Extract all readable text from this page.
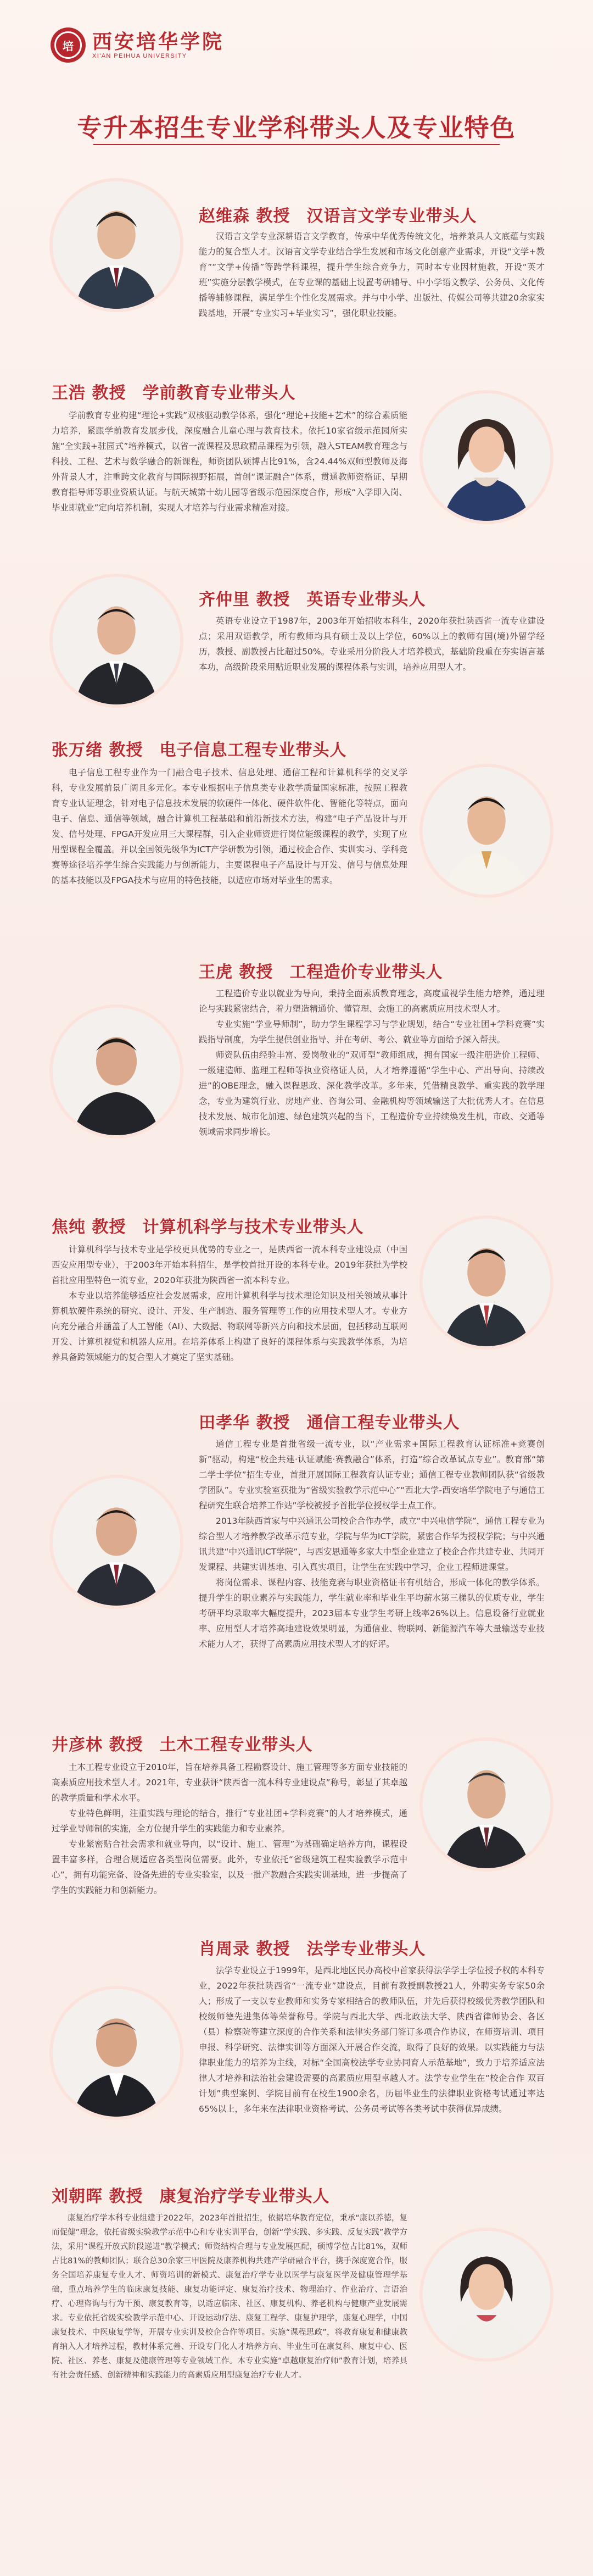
培 西安培华学院
XI'AN PEIHUA UNIVERSITY
专升本招生专业学科带头人及专业特色
赵维森 教授 汉语言文学专业带头人

汉语言文学专业深耕语言文学教育，传承中华优秀传统文化，培养兼具人文底蕴与实践能力的复合型人才。汉语言文学专业结合学生发展和市场文化创意产业需求，开设“文学+教育”“文学+传播”等跨学科课程，提升学生综合竞争力，同时本专业因材施教，开设“英才班”实施分层教学模式，在专业课的基础上设置考研辅导、中小学语文教学、公务员、文化传播等辅修课程，满足学生个性化发展需求。并与中小学、出版社、传媒公司等共建20余家实践基地，开展“专业实习+毕业实习”，强化职业技能。

王浩 教授 学前教育专业带头人

学前教育专业构建“理论+实践”双核驱动教学体系，强化“理论+技能+艺术”的综合素质能力培养，紧跟学前教育发展步伐，深度融合儿童心理与教育技术。依托10家省级示范园所实施“全实践+驻园式”培养模式，以省一流课程及思政精品课程为引领，融入STEAM教育理念与科技、工程、艺术与数学融合的新课程，师资团队硕博占比91%，含24.44%双师型教师及海外背景人才，注重跨文化教育与国际视野拓展，首创“课证融合”体系，贯通教师资格证、早期教育指导师等职业资质认证。与航天城第十幼儿园等省级示范园深度合作，形成“入学即入岗、毕业即就业”定向培养机制，实现人才培养与行业需求精准对接。

齐仲里 教授 英语专业带头人

英语专业设立于1987年，2003年开始招收本科生，2020年获批陕西省一流专业建设点；采用双语教学，所有教师均具有硕士及以上学位，60%以上的教师有国(境)外留学经历，教授、副教授占比超过50%。专业采用分阶段人才培养模式，基础阶段重在夯实语言基本功，高级阶段采用贴近职业发展的课程体系与实训，培养应用型人才。

张万绪 教授 电子信息工程专业带头人

电子信息工程专业作为一门融合电子技术、信息处理、通信工程和计算机科学的交叉学科，专业发展前景广阔且多元化。本专业根据电子信息类专业教学质量国家标准，按照工程教育专业认证理念，针对电子信息技术发展的软硬件一体化、硬件软件化、智能化等特点，面向电子、信息、通信等领域，融合计算机工程基础和前沿新技术方法，构建“电子产品设计与开发、信号处理、FPGA开发应用三大课程群，引入企业师资进行岗位能级课程的教学，实现了应用型课程全覆盖。并以全国领先级华为ICT产学研教为引领，通过校企合作、实训实习、学科竞赛等途径培养学生综合实践能力与创新能力，主要课程电子产品设计与开发、信号与信息处理的基本技能以及FPGA技术与应用的特色技能，以适应市场对毕业生的需求。

王虎 教授 工程造价专业带头人

工程造价专业以就业为导向，秉持全面素质教育理念，高度重视学生能力培养，通过理论与实践紧密结合，着力塑造精通价、懂管理、会施工的高素质应用技术型人才。

专业实施“学业导师制”，助力学生课程学习与学业规划，结合“专业社团+学科竞赛”实践指导制度，为学生提供创业指导、并在考研、考公、就业等方面给予深入帮扶。

师资队伍由经验丰富、爱岗敬业的“双师型”教师组成，拥有国家一级注册造价工程师、一级建造师、监理工程师等执业资格证人员，人才培养遵循“学生中心、产出导向、持续改进”的OBE理念，融入课程思政、深化教学改革。多年来，凭借精良教学、重实践的教学理念，专业为建筑行业、房地产业、咨询公司、金融机构等领域输送了大批优秀人才。在信息技术发展、城市化加速、绿色建筑兴起的当下，工程造价专业持续焕发生机，市政、交通等领域需求同步增长。

焦纯 教授 计算机科学与技术专业带头人

计算机科学与技术专业是学校更具优势的专业之一，是陕西省一流本科专业建设点（中国西安应用型专业），于2003年开始本科招生，是学校首批开设的本科专业。2019年获批为学校首批应用型特色一流专业，2020年获批为陕西省一流本科专业。

本专业以培养能够适应社会发展需求，应用计算机科学与技术理论知识及相关领域从事计算机软硬件系统的研究、设计、开发、生产制造、服务管理等工作的应用技术型人才。专业方向充分融合并涵盖了人工智能（AI）、大数据、物联网等新兴方向和技术层面，包括移动互联网开发、计算机视觉和机器人应用。在培养体系上构建了良好的课程体系与实践教学体系，为培养具备跨领域能力的复合型人才奠定了坚实基础。

田孝华 教授 通信工程专业带头人

通信工程专业是首批省级一流专业，以“产业需求+国际工程教育认证标准+竞赛创新”驱动，构建“校企共建·认证赋能·赛教融合”体系，打造“综合改革试点专业”。教育部“第二学士学位”招生专业，首批开展国际工程教育认证专业；通信工程专业教师团队获“省级教学团队”。专业实验室获批为“省级实验教学示范中心”“西北大学-西安培华学院电子与通信工程研究生联合培养工作站”学校被授予首批学位授权学士点工作。

2013年陕西首家与中兴通讯公司校企合作办学，成立“中兴电信学院”，通信工程专业为综合型人才培养教学改革示范专业，学院与华为ICT学院，紧密合作华为授权学院；与中兴通讯共建“中兴通讯ICT学院”，与西安思通等多家大中型企业建立了校企合作共建专业、共同开发课程、共建实训基地、引入真实项目，让学生在实践中学习，企业工程师进课堂。

将岗位需求、课程内容、技能竞赛与职业资格证书有机结合，形成一体化的教学体系。提升学生的职业素养与实践能力，学生就业率和毕业生平均薪水第三梯队的优质专业，学生考研平均录取率大幅度提升，2023届本专业学生考研上线率26%以上。信息设备行业就业率、应用型人才培养高地建设效果明显，为通信业、物联网、新能源汽车等大量输送专业技术能力人才，获得了高素质应用技术型人才的好评。

井彦林 教授 土木工程专业带头人

土木工程专业设立于2010年，旨在培养具备工程勘察设计、施工管理等多方面专业技能的高素质应用技术型人才。2021年，专业获评“陕西省一流本科专业建设点”称号，彰显了其卓越的教学质量和学术水平。

专业特色鲜明，注重实践与理论的结合，推行“专业社团+学科竞赛”的人才培养模式，通过学业导师制的实施，全方位提升学生的实践能力和专业素养。

专业紧密贴合社会需求和就业导向，以“设计、施工、管理”为基础确定培养方向，课程设置丰富多样，合理合规适应各类型岗位需要。此外，专业依托“省级建筑工程实验教学示范中心”，拥有功能完备、设备先进的专业实验室，以及一批产教融合实践实训基地，进一步提高了学生的实践能力和创新能力。

肖周录 教授 法学专业带头人

法学专业设立于1999年，是西北地区民办高校中首家获得法学学士学位授予权的本科专业，2022年获批陕西省“一流专业”建设点，目前有教授副教授21人，外聘实务专家50余人；形成了一支以专业教师和实务专家相结合的教师队伍，并先后获得校级优秀教学团队和校级师德先进集体等荣誉称号。学院与西北大学、西北政法大学、陕西省律师协会、各区（县）检察院等建立深度的合作关系和法律实务部门签订多项合作协议，在师资培训、项目申报、科学研究、法律实训等方面深入开展合作交流，取得了良好的效果。以实践能力与法律职业能力的培养为主线，对标“全国高校法学专业协同育人示范基地”，致力于培养适应法律人才培养和法治社会建设需要的高素质应用型卓越人才。法学专业学生在“校企合作 双百计划”典型案例、学院目前有在校生1900余名，历届毕业生的法律职业资格考试通过率达65%以上，多年来在法律职业资格考试、公务员考试等各类考试中获得优异成绩。

刘朝晖 教授 康复治疗学专业带头人

康复治疗学本科专业组建于2022年，2023年首批招生，依据培华教育定位，秉承“康以养德，复而促健”理念，依托省级实验教学示范中心和专业实训平台，创新“学实践、多实践、反复实践”教学方法，采用“课程开放式阶段递进”教学模式；师资结构合理与专业发展匹配，硕博学位占比81%，双师占比81%的教师团队；联合总30余家三甲医院及康养机构共建产学研融合平台，携手深度宽合作，服务全国培养康复专业人才、师资培训的新模式、康复治疗学专业以医学与康复医学及健康管理学基础，重点培养学生的临床康复技能、康复功能评定、康复治疗技术、物理治疗、作业治疗、言语治疗、心理咨询与行为干预、康复教育等，以适应临床、社区、康复机构、养老机构与健康产业发展需求。专业依托省级实验教学示范中心、开设运动疗法、康复工程学、康复护理学，康复心理学，中国康复技术、中医康复学等，开展专业实训及校企合作等项目。实施“课程思政”，将教育康复和健康教育纳入人才培养过程，教材体系完善、开设专门化人才培养方向、毕业生可在康复科、康复中心、医院、社区、养老、康复及健康管理等专业领域工作。本专业实施“卓越康复治疗师”教育计划，培养具有社会责任感、创新精神和实践能力的高素质应用型康复治疗专业人才。
